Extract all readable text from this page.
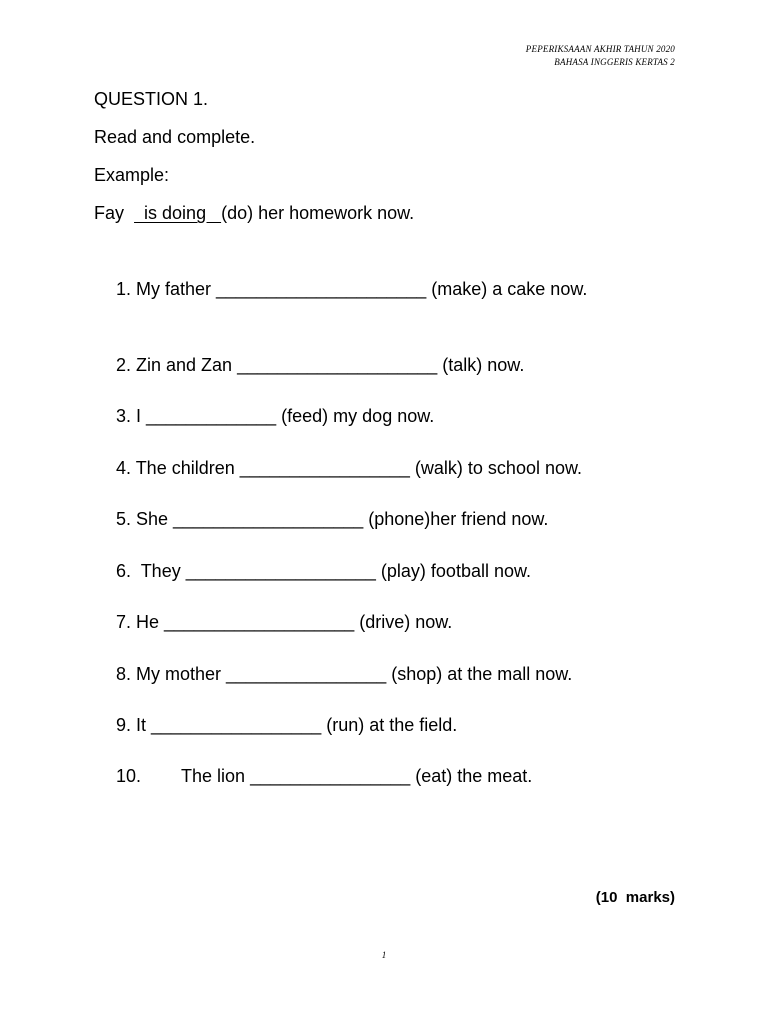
PEPERIKSAAAN AKHIR TAHUN 2020
BAHASA INGGERIS KERTAS 2
QUESTION 1.
Read and complete.
Example:
Fay    is doing   (do) her homework now.
1. My father _____________________ (make) a cake now.
2. Zin and Zan ____________________ (talk) now.
3. I _____________ (feed) my dog now.
4. The children _________________ (walk) to school now.
5. She ___________________ (phone)her friend now.
6.  They ___________________ (play) football now.
7. He ___________________ (drive) now.
8. My mother ________________ (shop) at the mall now.
9. It _________________ (run) at the field.
10.        The lion ________________ (eat) the meat.
(10  marks)
1
